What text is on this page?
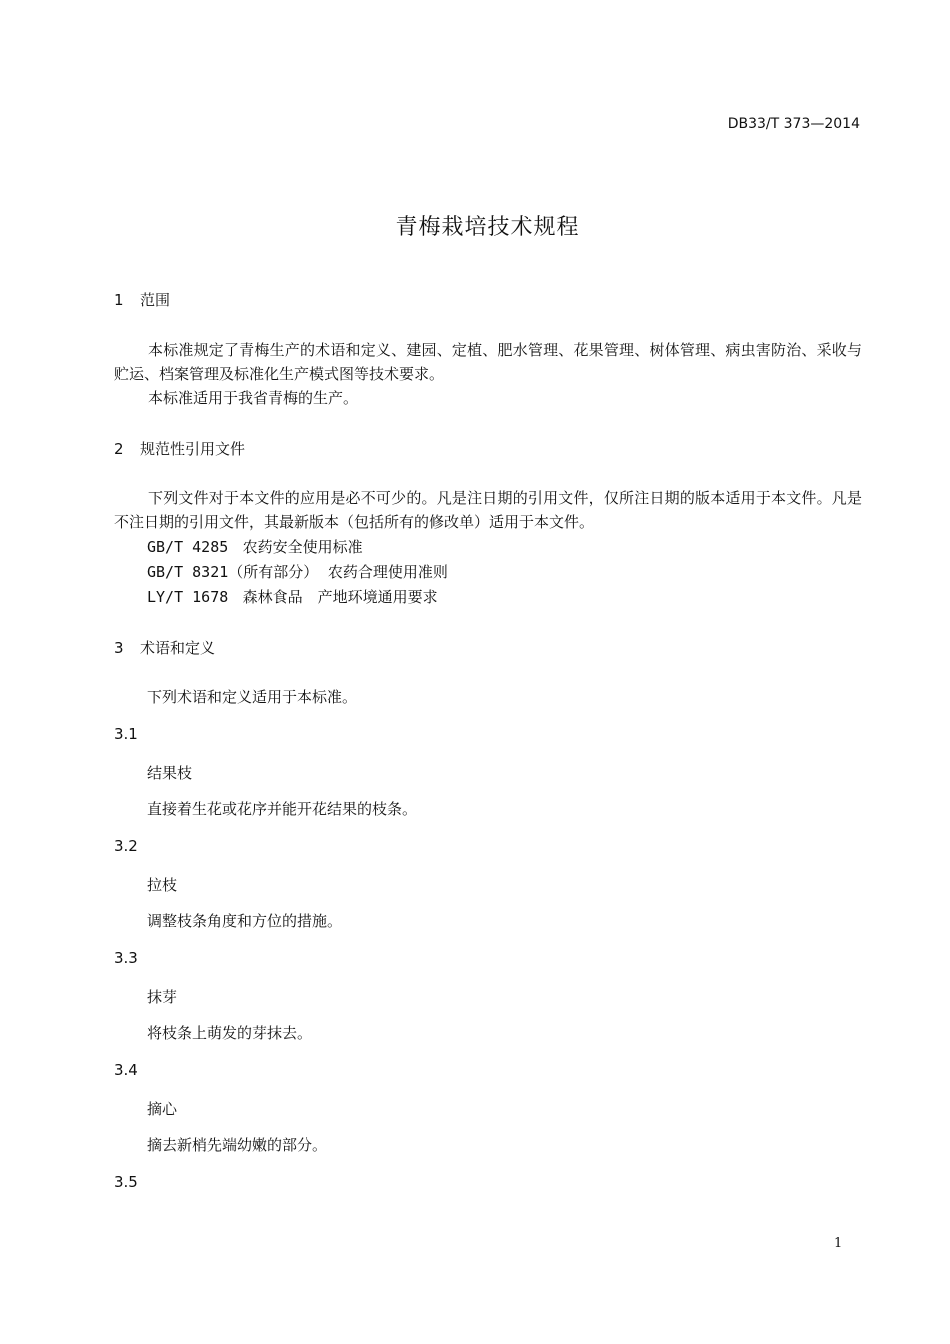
DB33/T 373—2014
青梅栽培技术规程
1 范围
本标准规定了青梅生产的术语和定义、建园、定植、肥水管理、花果管理、树体管理、病虫害防治、采收与贮运、档案管理及标准化生产模式图等技术要求。
本标准适用于我省青梅的生产。
2 规范性引用文件
下列文件对于本文件的应用是必不可少的。凡是注日期的引用文件，仅所注日期的版本适用于本文件。凡是不注日期的引用文件，其最新版本（包括所有的修改单）适用于本文件。
GB/T 4285 农药安全使用标准
GB/T 8321（所有部分） 农药合理使用准则
LY/T 1678 森林食品　产地环境通用要求
3 术语和定义
下列术语和定义适用于本标准。
3.1
结果枝
直接着生花或花序并能开花结果的枝条。
3.2
拉枝
调整枝条角度和方位的措施。
3.3
抹芽
将枝条上萌发的芽抹去。
3.4
摘心
摘去新梢先端幼嫩的部分。
3.5
1
